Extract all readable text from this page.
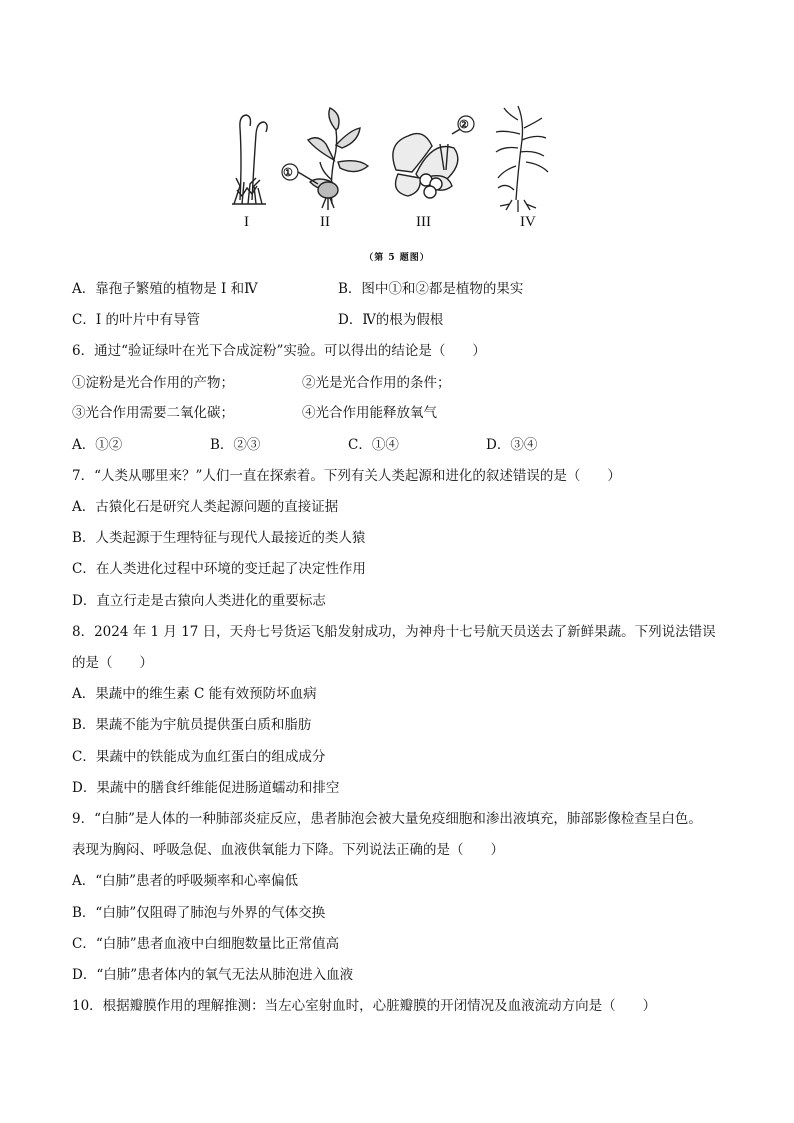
①
②
I	II	III	IV
（第 5 题图）
A．靠孢子繁殖的植物是 I 和Ⅳ	B．图中①和②都是植物的果实
C．I 的叶片中有导管	D．Ⅳ的根为假根
6．通过“验证绿叶在光下合成淀粉”实验。可以得出的结论是（　　）
①淀粉是光合作用的产物；	②光是光合作用的条件；
③光合作用需要二氧化碳；	④光合作用能释放氧气
A．①②	B．②③	C．①④	D．③④
7．“人类从哪里来？”人们一直在探索着。下列有关人类起源和进化的叙述错误的是（　　）
A．古猿化石是研究人类起源问题的直接证据
B．人类起源于生理特征与现代人最接近的类人猿
C．在人类进化过程中环境的变迁起了决定性作用
D．直立行走是古猿向人类进化的重要标志
8．2024 年 1 月 17 日，天舟七号货运飞船发射成功，为神舟十七号航天员送去了新鲜果蔬。下列说法错误
的是（　　）
A．果蔬中的维生素 C 能有效预防坏血病
B．果蔬不能为宇航员提供蛋白质和脂肪
C．果蔬中的铁能成为血红蛋白的组成成分
D．果蔬中的膳食纤维能促进肠道蠕动和排空
9．“白肺”是人体的一种肺部炎症反应，患者肺泡会被大量免疫细胞和渗出液填充，肺部影像检查呈白色。
表现为胸闷、呼吸急促、血液供氧能力下降。下列说法正确的是（　　）
A．“白肺”患者的呼吸频率和心率偏低
B．“白肺”仅阻碍了肺泡与外界的气体交换
C．“白肺”患者血液中白细胞数量比正常值高
D．“白肺”患者体内的氧气无法从肺泡进入血液
10．根据瓣膜作用的理解推测：当左心室射血时，心脏瓣膜的开闭情况及血液流动方向是（　　）
